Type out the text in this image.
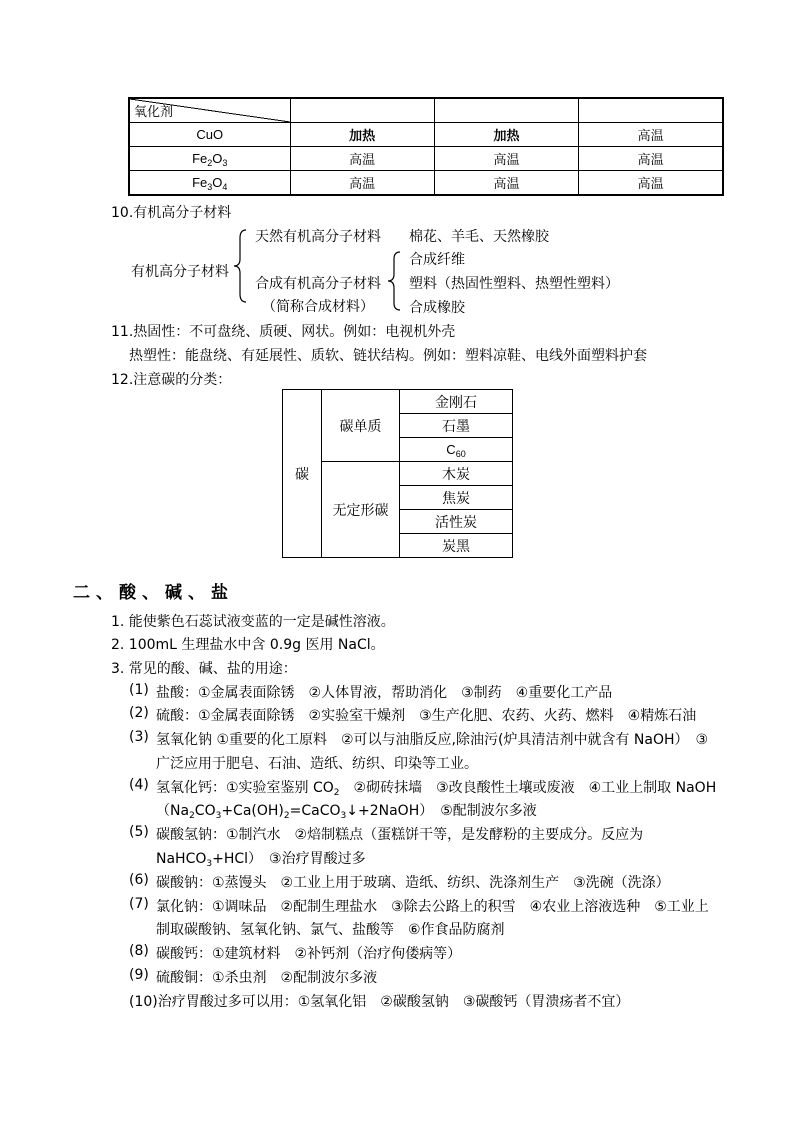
氧化剂			

CuO	加热	加热	高温
$Fe_2O_3$	高温	高温	高温
$Fe_3O_4$	高温	高温	高温
10.有机高分子材料
有机高分子材料
天然有机高分子材料 棉花、羊毛、天然橡胶
合成有机高分子材料
（简称合成材料）
合成纤维
塑料（热固性塑料、热塑性塑料）
合成橡胶
11.热固性：不可盘绕、质硬、网状。例如：电视机外壳
热塑性：能盘绕、有延展性、质软、链状结构。例如：塑料凉鞋、电线外面塑料护套
12.注意碳的分类：
碳	碳单质	金刚石
		石墨
		$C_{60}$
	无定形碳	木炭
		焦炭
		活性炭
		炭黑
二、酸、碱、盐
1. 能使紫色石蕊试液变蓝的一定是碱性溶液。
2. 100mL 生理盐水中含 0.9g 医用 NaCl。
3. 常见的酸、碱、盐的用途：
(1) 盐酸：①金属表面除锈　②人体胃液，帮助消化　③制药　④重要化工产品
(2) 硫酸：①金属表面除锈　②实验室干燥剂　③生产化肥、农药、火药、燃料　④精炼石油
(3) 氢氧化钠 ①重要的化工原料　②可以与油脂反应,除油污(炉具清洁剂中就含有 NaOH）　③
广泛应用于肥皂、石油、造纸、纺织、印染等工业。
(4) 氢氧化钙：①实验室鉴别 $CO_2$　②砌砖抹墙　③改良酸性土壤或废液　④工业上制取 NaOH
$(Na_2CO_3+Ca(OH)_2=CaCO_3↓+2NaOH)$　⑤配制波尔多液
(5) 碳酸氢钠：①制汽水　②焙制糕点（蛋糕饼干等，是发酵粉的主要成分。反应为
NaHCO$_3$+HCl）　③治疗胃酸过多
(6) 碳酸钠：①蒸馒头　②工业上用于玻璃、造纸、纺织、洗涤剂生产　③洗碗（洗涤）
(7) 氯化钠：①调味品　②配制生理盐水　③除去公路上的积雪　④农业上溶液选种　⑤工业上
制取碳酸钠、氢氧化钠、氯气、盐酸等　⑥作食品防腐剂
(8) 碳酸钙：①建筑材料　②补钙剂（治疗佝偻病等）
(9) 硫酸铜：①杀虫剂　②配制波尔多液
(10)治疗胃酸过多可以用：①氢氧化铝　②碳酸氢钠　③碳酸钙（胃溃疡者不宜）
